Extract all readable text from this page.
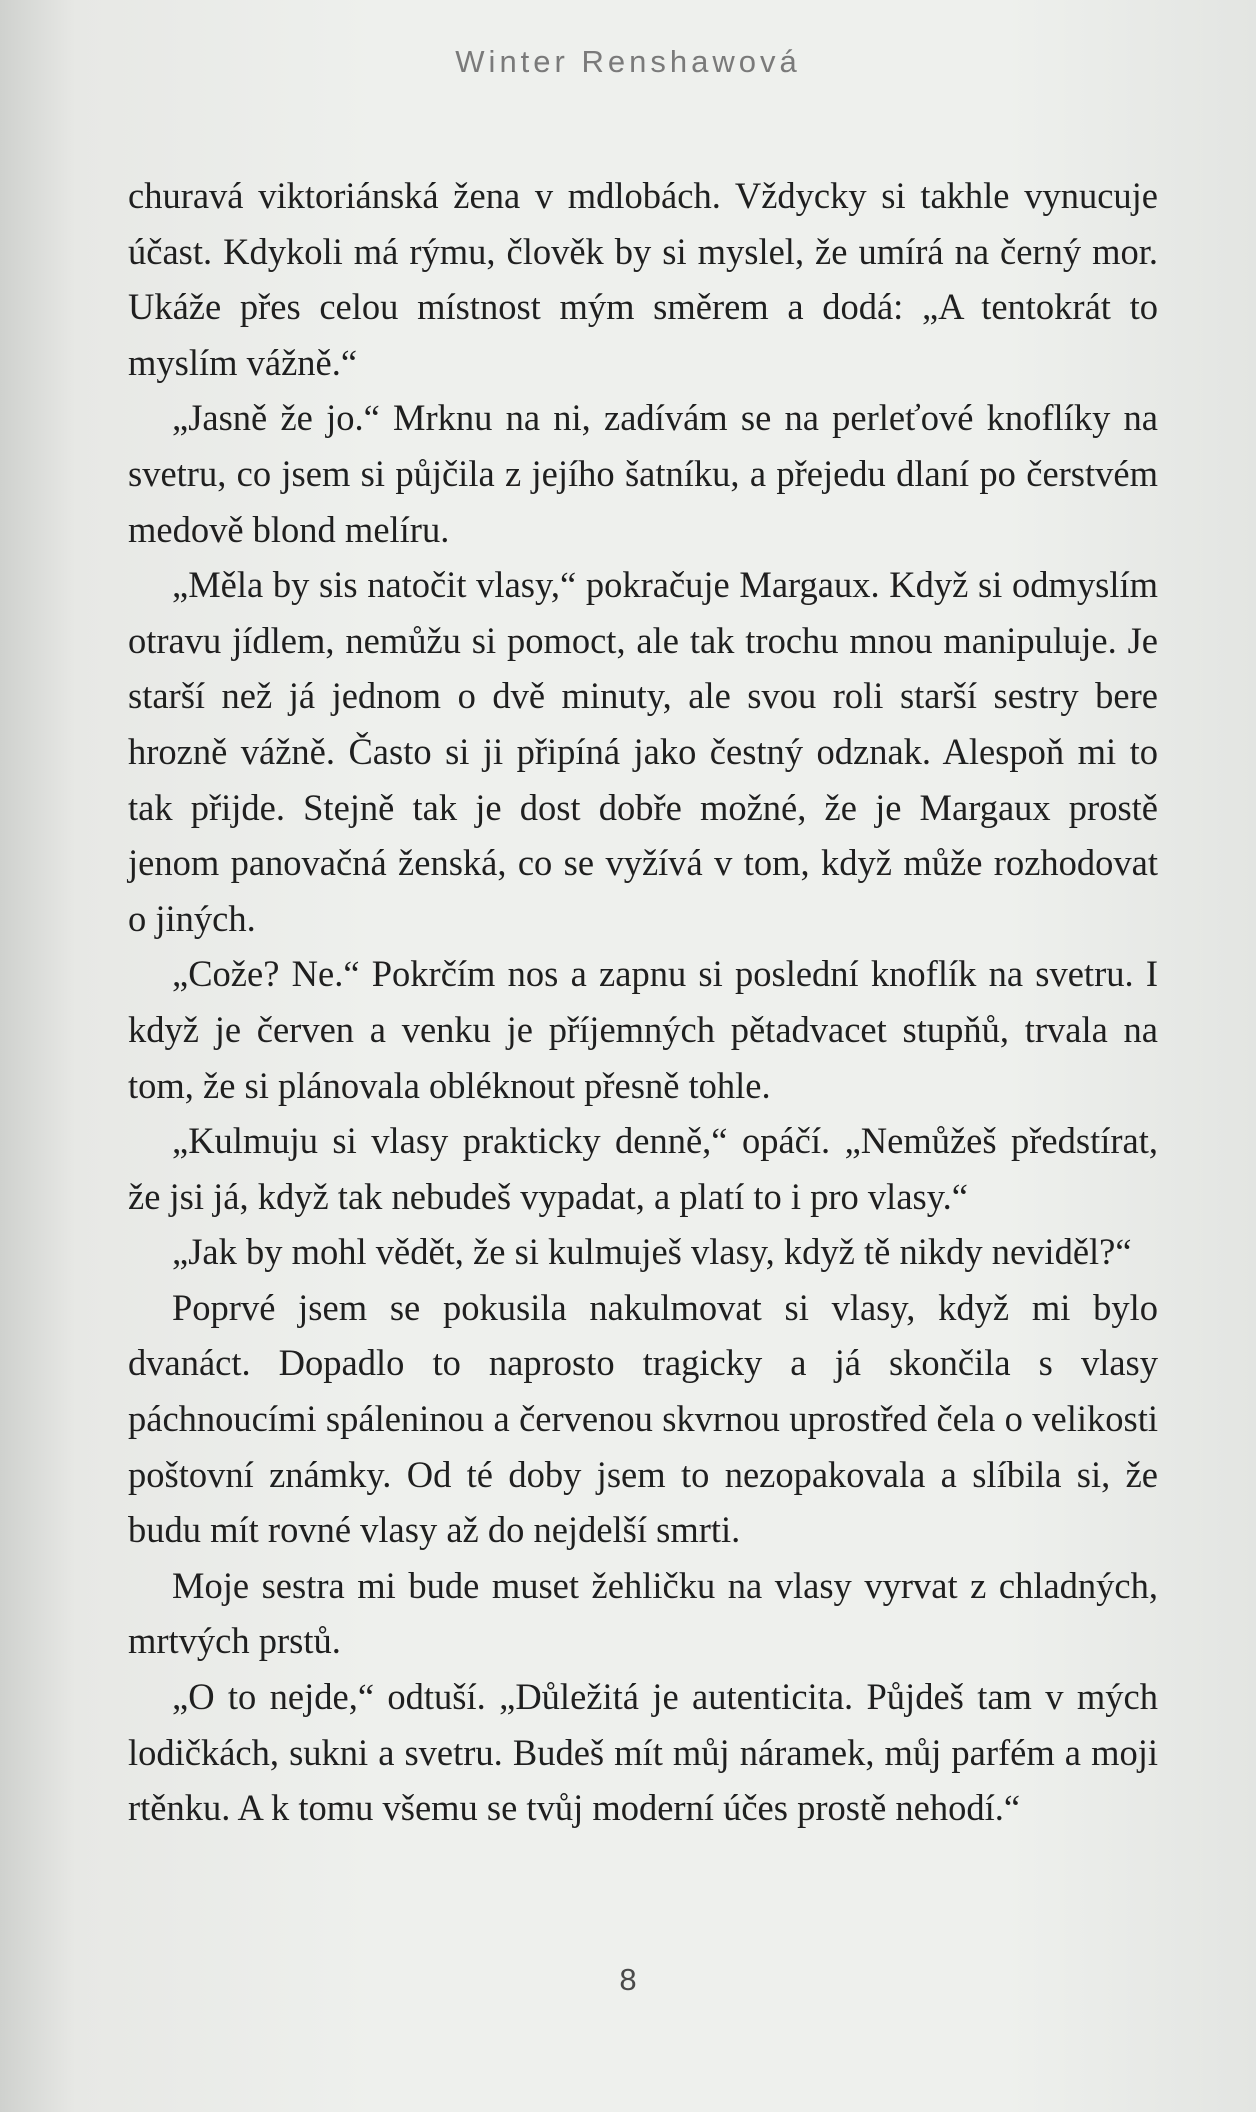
Winter Renshawová

churavá viktoriánská žena v mdlobách. Vždycky si takhle vynucuje účast. Kdykoli má rýmu, člověk by si myslel, že umírá na černý mor. Ukáže přes celou místnost mým směrem a dodá: „A tentokrát to myslím vážně.“

„Jasně že jo.“ Mrknu na ni, zadívám se na perleťové knoflíky na svetru, co jsem si půjčila z jejího šatníku, a přejedu dlaní po čerstvém medově blond melíru.

„Měla by sis natočit vlasy,“ pokračuje Margaux. Když si odmyslím otravu jídlem, nemůžu si pomoct, ale tak trochu mnou manipuluje. Je starší než já jednom o dvě minuty, ale svou roli starší sestry bere hrozně vážně. Často si ji připíná jako čestný odznak. Alespoň mi to tak přijde. Stejně tak je dost dobře možné, že je Margaux prostě jenom panovačná ženská, co se vyžívá v tom, když může rozhodovat o jiných.

„Cože? Ne.“ Pokrčím nos a zapnu si poslední knoflík na svetru. I když je červen a venku je příjemných pětadvacet stupňů, trvala na tom, že si plánovala obléknout přesně tohle.

„Kulmuju si vlasy prakticky denně,“ opáčí. „Nemůžeš předstírat, že jsi já, když tak nebudeš vypadat, a platí to i pro vlasy.“

„Jak by mohl vědět, že si kulmuješ vlasy, když tě nikdy neviděl?“

Poprvé jsem se pokusila nakulmovat si vlasy, když mi bylo dvanáct. Dopadlo to naprosto tragicky a já skončila s vlasy páchnoucími spáleninou a červenou skvrnou uprostřed čela o velikosti poštovní známky. Od té doby jsem to nezopakovala a slíbila si, že budu mít rovné vlasy až do nejdelší smrti.

Moje sestra mi bude muset žehličku na vlasy vyrvat z chladných, mrtvých prstů.

„O to nejde,“ odtuší. „Důležitá je autenticita. Půjdeš tam v mých lodičkách, sukni a svetru. Budeš mít můj náramek, můj parfém a moji rtěnku. A k tomu všemu se tvůj moderní účes prostě nehodí.“

8
